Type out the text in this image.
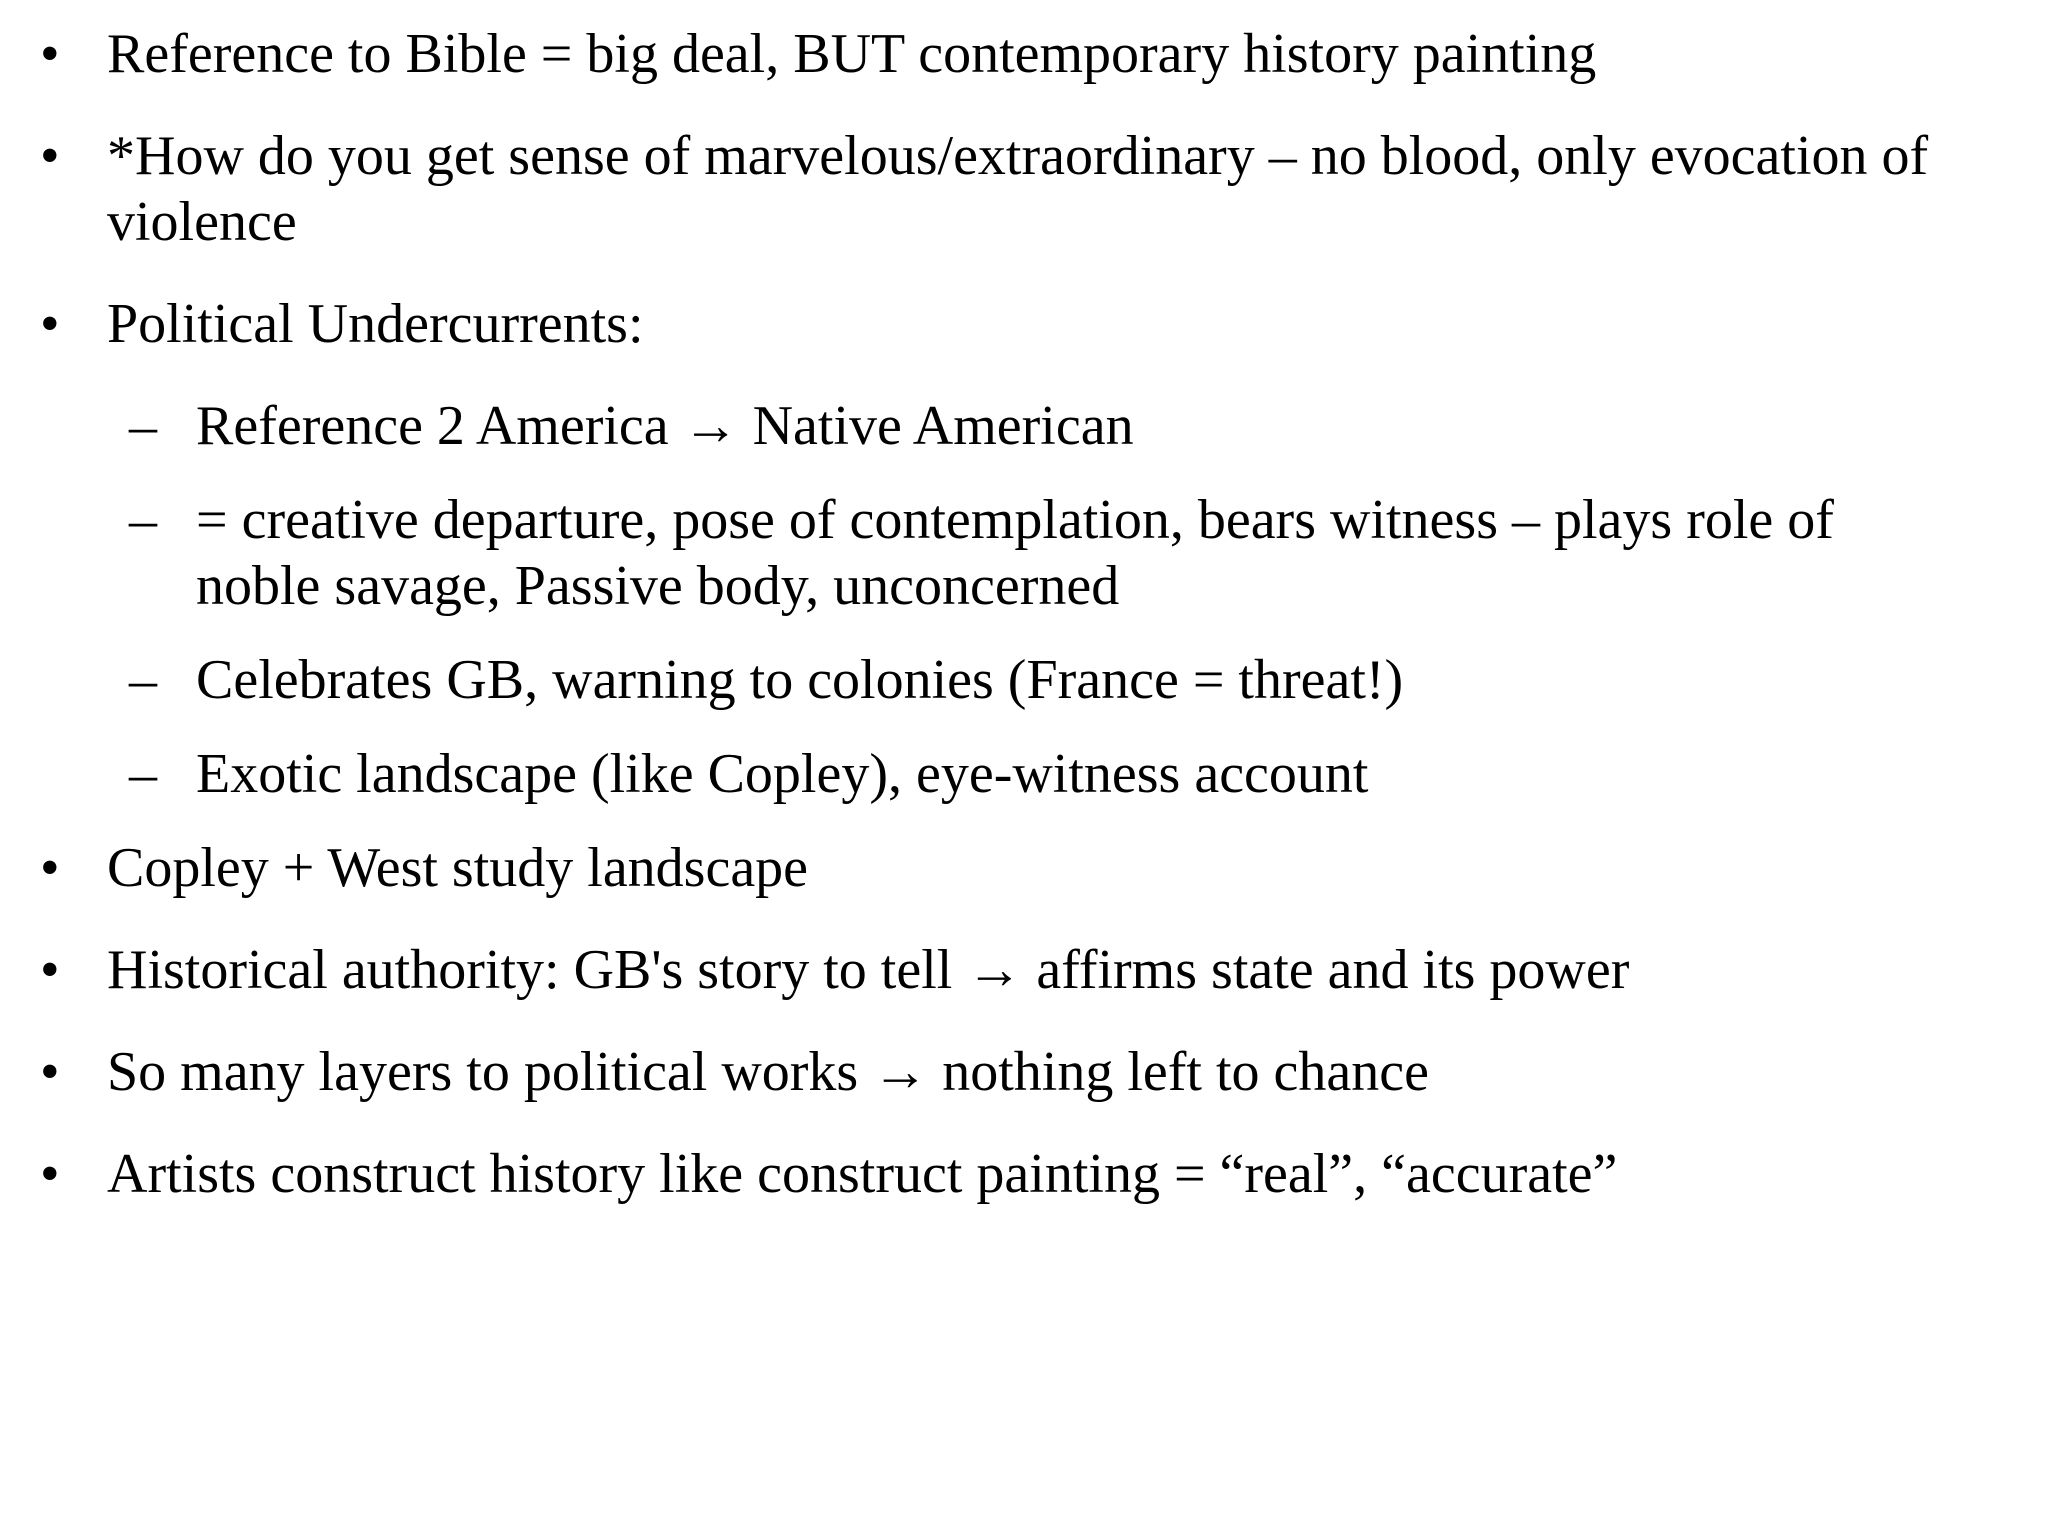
• Reference to Bible = big deal, BUT contemporary history painting
• *How do you get sense of marvelous/extraordinary – no blood, only evocation of
violence
• Political Undercurrents:
– Reference 2 America → Native American
– = creative departure, pose of contemplation, bears witness – plays role of
noble savage, Passive body, unconcerned
– Celebrates GB, warning to colonies (France = threat!)
– Exotic landscape (like Copley), eye-witness account
• Copley + West study landscape
• Historical authority: GB's story to tell → affirms state and its power
• So many layers to political works → nothing left to chance
• Artists construct history like construct painting = “real”, “accurate”
